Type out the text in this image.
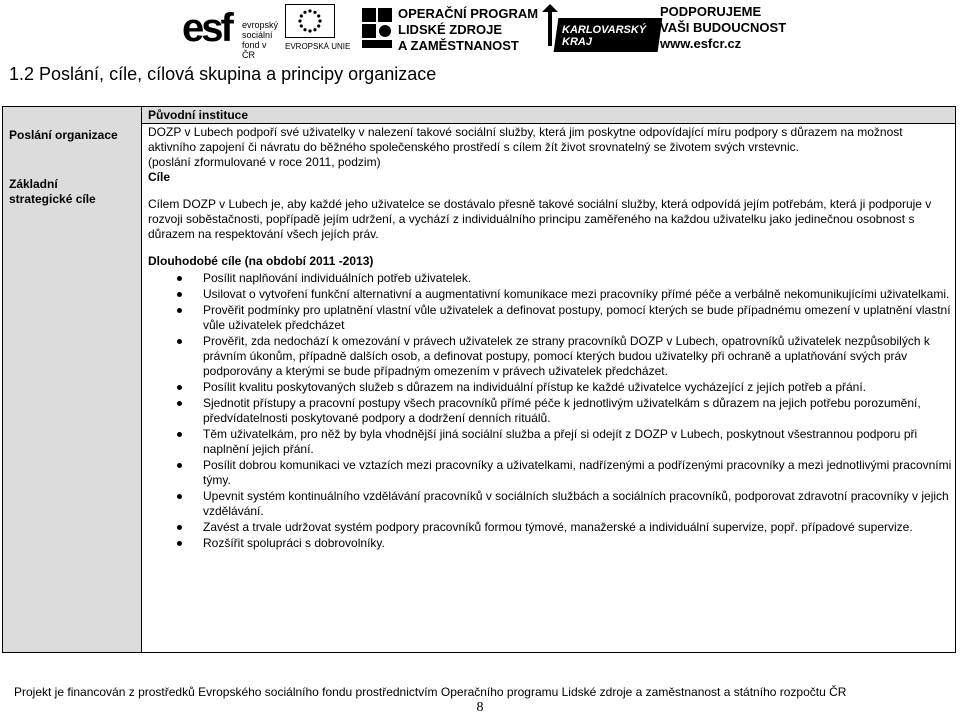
esf evropský
sociální
fond v ČR
EVROPSKÁ UNIE
OPERAČNÍ PROGRAM
LIDSKÉ ZDROJE
A ZAMĚSTNANOST
KARLOVARSKÝ
KRAJ
PODPORUJEME
VAŠI BUDOUCNOST
www.esfcr.cz
1.2 Poslání, cíle, cílová skupina a principy organizace
Poslání organizace
Základní
strategické cíle
Původní instituce

DOZP v Lubech podpoří své uživatelky v nalezení takové sociální služby, která jim poskytne odpovídající míru podpory s důrazem na možnost aktivního zapojení či návratu do běžného společenského prostředí s cílem žít život srovnatelný se životem svých vrstevnic.

(poslání zformulované v roce 2011, podzim)

Cíle

Cílem DOZP v Lubech je, aby každé jeho uživatelce se dostávalo přesně takové sociální služby, která odpovídá jejím potřebám, která ji podporuje v rozvoji soběstačnosti, popřípadě jejím udržení, a vychází z individuálního principu zaměřeného na každou uživatelku jako jedinečnou osobnost s důrazem na respektování všech jejích práv.

Dlouhodobé cíle (na období 2011 -2013)

Posílit naplňování individuálních potřeb uživatelek.
Usilovat o vytvoření funkční alternativní a augmentativní komunikace mezi pracovníky přímé péče a verbálně nekomunikujícími uživatelkami.
Prověřit podmínky pro uplatnění vlastní vůle uživatelek a definovat postupy, pomocí kterých se bude případnému omezení v uplatnění vlastní vůle uživatelek předcházet
Prověřit, zda nedochází k omezování v právech uživatelek ze strany pracovníků DOZP v Lubech, opatrovníků uživatelek nezpůsobilých k právním úkonům, případně dalších osob, a definovat postupy, pomocí kterých budou uživatelky při ochraně a uplatňování svých práv podporovány a kterými se bude případným omezením v právech uživatelek předcházet.
Posílit kvalitu poskytovaných služeb s důrazem na individuální přístup ke každé uživatelce vycházející z jejích potřeb a přání.
Sjednotit přístupy a pracovní postupy všech pracovníků přímé péče k jednotlivým uživatelkám s důrazem na jejich potřebu porozumění, předvídatelnosti poskytované podpory a dodržení denních rituálů.
Těm uživatelkám, pro něž by byla vhodnější jiná sociální služba a přejí si odejít z DOZP v Lubech, poskytnout všestrannou podporu při naplnění jejich přání.
Posílit dobrou komunikaci ve vztazích mezi pracovníky a uživatelkami, nadřízenými a podřízenými pracovníky a mezi jednotlivými pracovními týmy.
Upevnit systém kontinuálního vzdělávání pracovníků v sociálních službách a sociálních pracovníků, podporovat zdravotní pracovníky v jejich vzdělávání.
Zavést a trvale udržovat systém podpory pracovníků formou týmové, manažerské a individuální supervize, popř. případové supervize.
Rozšířit spolupráci s dobrovolníky.
Projekt je financován z prostředků Evropského sociálního fondu prostřednictvím Operačního programu Lidské zdroje a zaměstnanost a státního rozpočtu ČR
8
